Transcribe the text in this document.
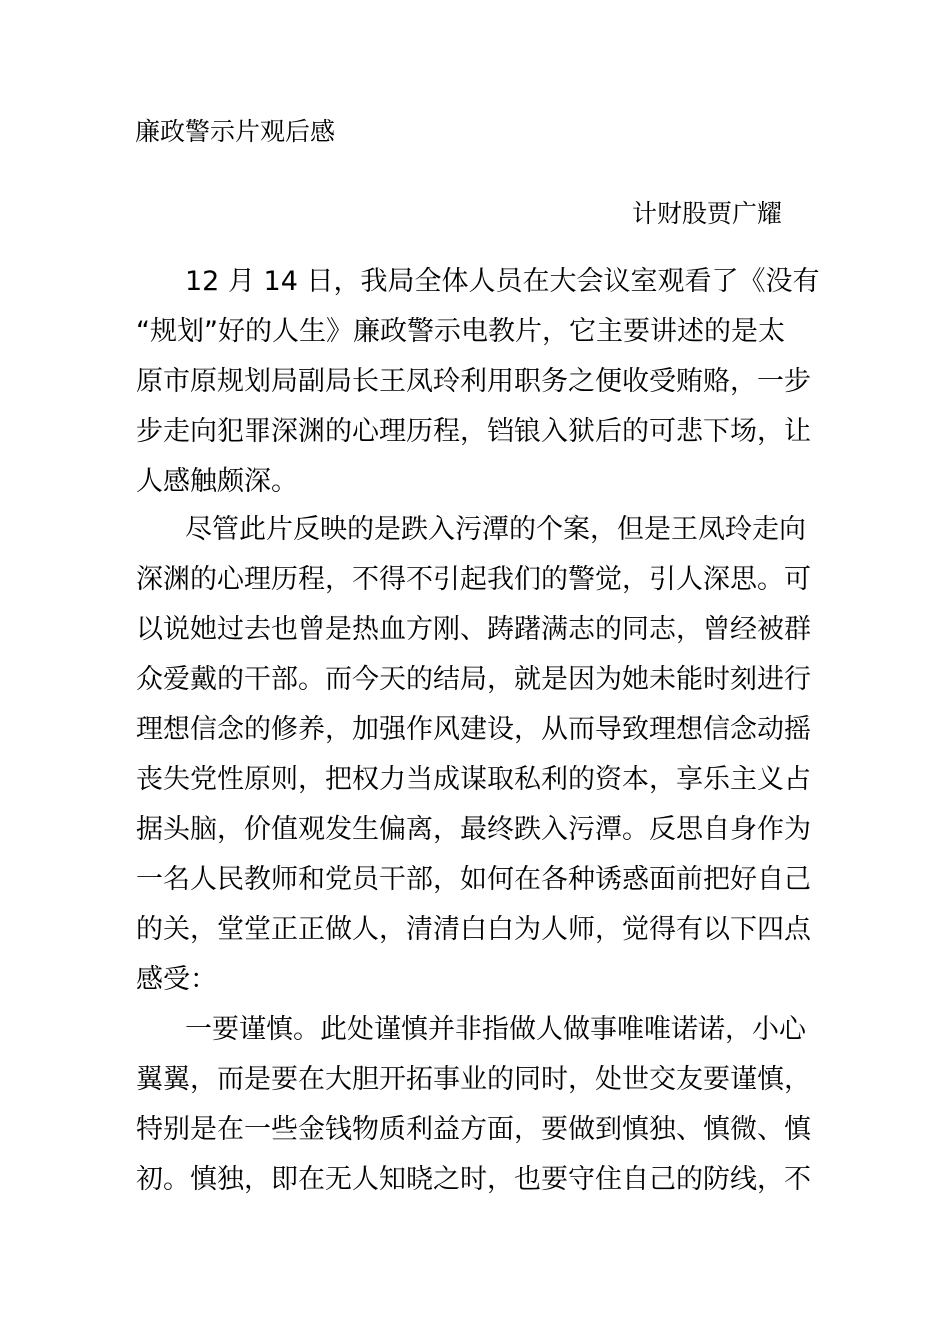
廉政警示片观后感
计财股贾广耀
12 月 14 日，我局全体人员在大会议室观看了《没有
“规划”好的人生》廉政警示电教片，它主要讲述的是太
原市原规划局副局长王凤玲利用职务之便收受贿赂，一步
步走向犯罪深渊的心理历程，铛锒入狱后的可悲下场，让
人感触颇深。
尽管此片反映的是跌入污潭的个案，但是王凤玲走向
深渊的心理历程，不得不引起我们的警觉，引人深思。可
以说她过去也曾是热血方刚、踌躇满志的同志，曾经被群
众爱戴的干部。而今天的结局，就是因为她未能时刻进行
理想信念的修养，加强作风建设，从而导致理想信念动摇
丧失党性原则，把权力当成谋取私利的资本，享乐主义占
据头脑，价值观发生偏离，最终跌入污潭。反思自身作为
一名人民教师和党员干部，如何在各种诱惑面前把好自己
的关，堂堂正正做人，清清白白为人师，觉得有以下四点
感受：
一要谨慎。此处谨慎并非指做人做事唯唯诺诺，小心
翼翼，而是要在大胆开拓事业的同时，处世交友要谨慎，
特别是在一些金钱物质利益方面，要做到慎独、慎微、慎
初。慎独，即在无人知晓之时，也要守住自己的防线，不
